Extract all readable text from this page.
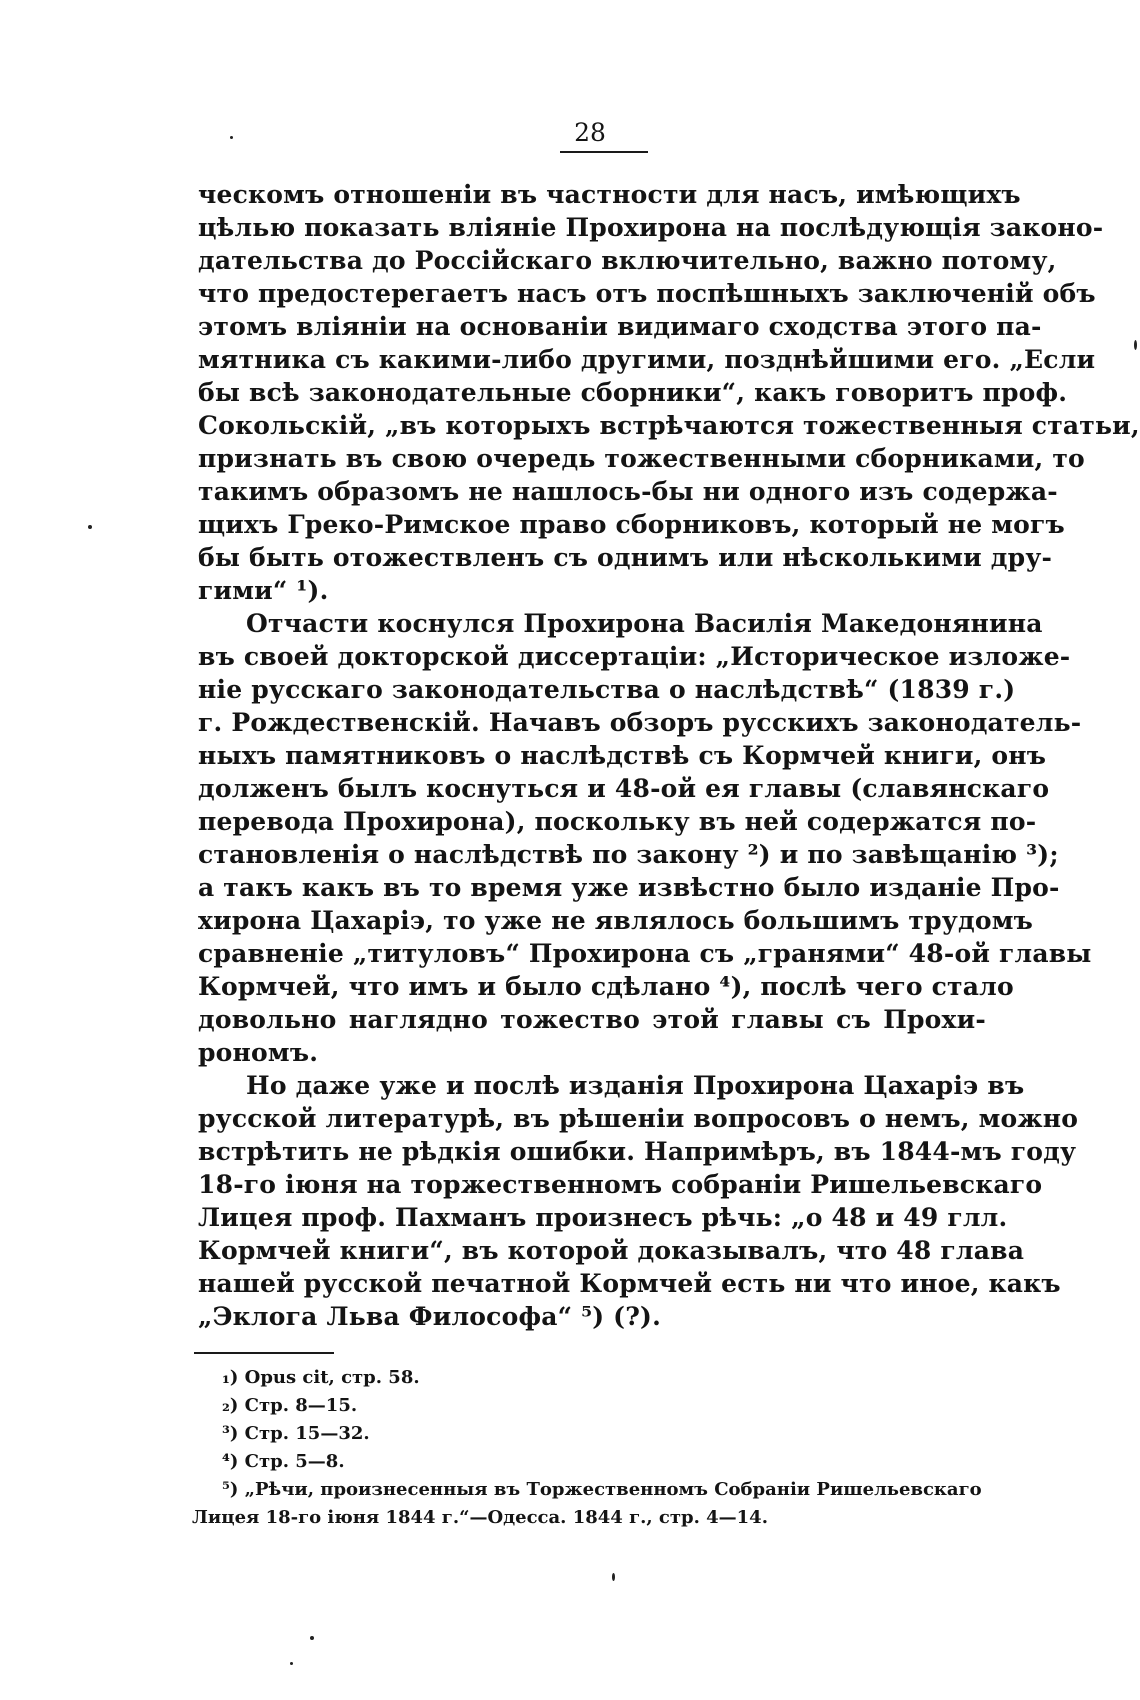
28
ческомъ отношеніи въ частности для насъ, имѣющихъ
цѣлью показать вліяніе Прохирона на послѣдующія законо-
дательства до Россійскаго включительно, важно потому,
что предостерегаетъ насъ отъ поспѣшныхъ заключеній объ
этомъ вліяніи на основаніи видимаго сходства этого па-
мятника съ какими-либо другими, позднѣйшими его. „Если
бы всѣ законодательные сборники“, какъ говоритъ проф.
Сокольскій, „въ которыхъ встрѣчаются тожественныя статьи,
признать въ свою очередь тожественными сборниками, то
такимъ образомъ не нашлось-бы ни одного изъ содержа-
щихъ Греко-Римское право сборниковъ, который не могъ
бы быть отожествленъ съ однимъ или нѣсколькими дру-
гими“ ¹).
Отчасти коснулся Прохирона Василія Македонянина
въ своей докторской диссертаціи: „Историческое изложе-
ніе русскаго законодательства о наслѣдствѣ“ (1839 г.)
г. Рождественскій. Начавъ обзоръ русскихъ законодатель-
ныхъ памятниковъ о наслѣдствѣ съ Кормчей книги, онъ
долженъ былъ коснуться и 48-ой ея главы (славянскаго
перевода Прохирона), поскольку въ ней содержатся по-
становленія о наслѣдствѣ по закону ²) и по завѣщанію ³);
а такъ какъ въ то время уже извѣстно было изданіе Про-
хирона Цахаріэ, то уже не являлось большимъ трудомъ
сравненіе „титуловъ“ Прохирона съ „гранями“ 48-ой главы
Кормчей, что имъ и было сдѣлано ⁴), послѣ чего стало
довольно наглядно тожество этой главы съ Прохи-
рономъ.
Но даже уже и послѣ изданія Прохирона Цахаріэ въ
русской литературѣ, въ рѣшеніи вопросовъ о немъ, можно
встрѣтить не рѣдкія ошибки. Напримѣръ, въ 1844-мъ году
18-го іюня на торжественномъ собраніи Ришельевскаго
Лицея проф. Пахманъ произнесъ рѣчь: „о 48 и 49 глл.
Кормчей книги“, въ которой доказывалъ, что 48 глава
нашей русской печатной Кормчей есть ни что иное, какъ
„Эклога Льва Философа“ ⁵) (?).
₁) Opus cit, стр. 58.
₂) Стр. 8—15.
³) Стр. 15—32.
⁴) Стр. 5—8.
⁵) „Рѣчи, произнесенныя въ Торжественномъ Собраніи Ришельевскаго
Лицея 18-го іюня 1844 г.“—Одесса. 1844 г., стр. 4—14.
